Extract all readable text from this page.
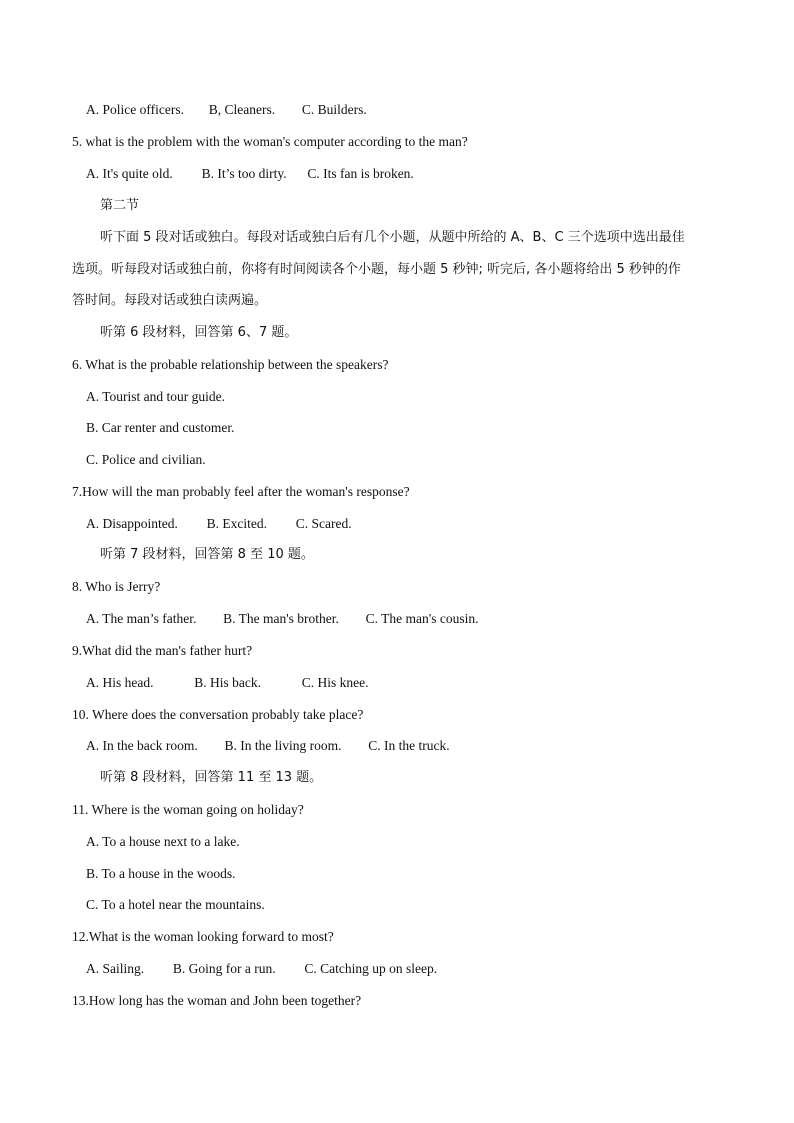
A. Police officers. B, Cleaners. C. Builders.
5. what is the problem with the woman's computer according to the man?
A. It's quite old. B. It’s too dirty. C. Its fan is broken.
第二节
听下面 5 段对话或独白。每段对话或独白后有几个小题，从题中所给的 A、B、C 三个选项中选出最佳
选项。听每段对话或独白前，你将有时间阅读各个小题，每小题 5 秒钟; 听完后, 各小题将给出 5 秒钟的作
答时间。每段对话或独白读两遍。
听第 6 段材料，回答第 6、7 题。
6. What is the probable relationship between the speakers?
A. Tourist and tour guide.
B. Car renter and customer.
C. Police and civilian.
7.How will the man probably feel after the woman's response?
A. Disappointed. B. Excited. C. Scared.
听第 7 段材料，回答第 8 至 10 题。
8. Who is Jerry?
A. The man’s father. B. The man's brother. C. The man's cousin.
9.What did the man's father hurt?
A. His head.	B. His back.	C. His knee.
10. Where does the conversation probably take place?
A. In the back room. B. In the living room. C. In the truck.
听第 8 段材料，回答第 11 至 13 题。
11. Where is the woman going on holiday?
A. To a house next to a lake.
B. To a house in the woods.
C. To a hotel near the mountains.
12.What is the woman looking forward to most?
A. Sailing. B. Going for a run. C. Catching up on sleep.
13.How long has the woman and John been together?
